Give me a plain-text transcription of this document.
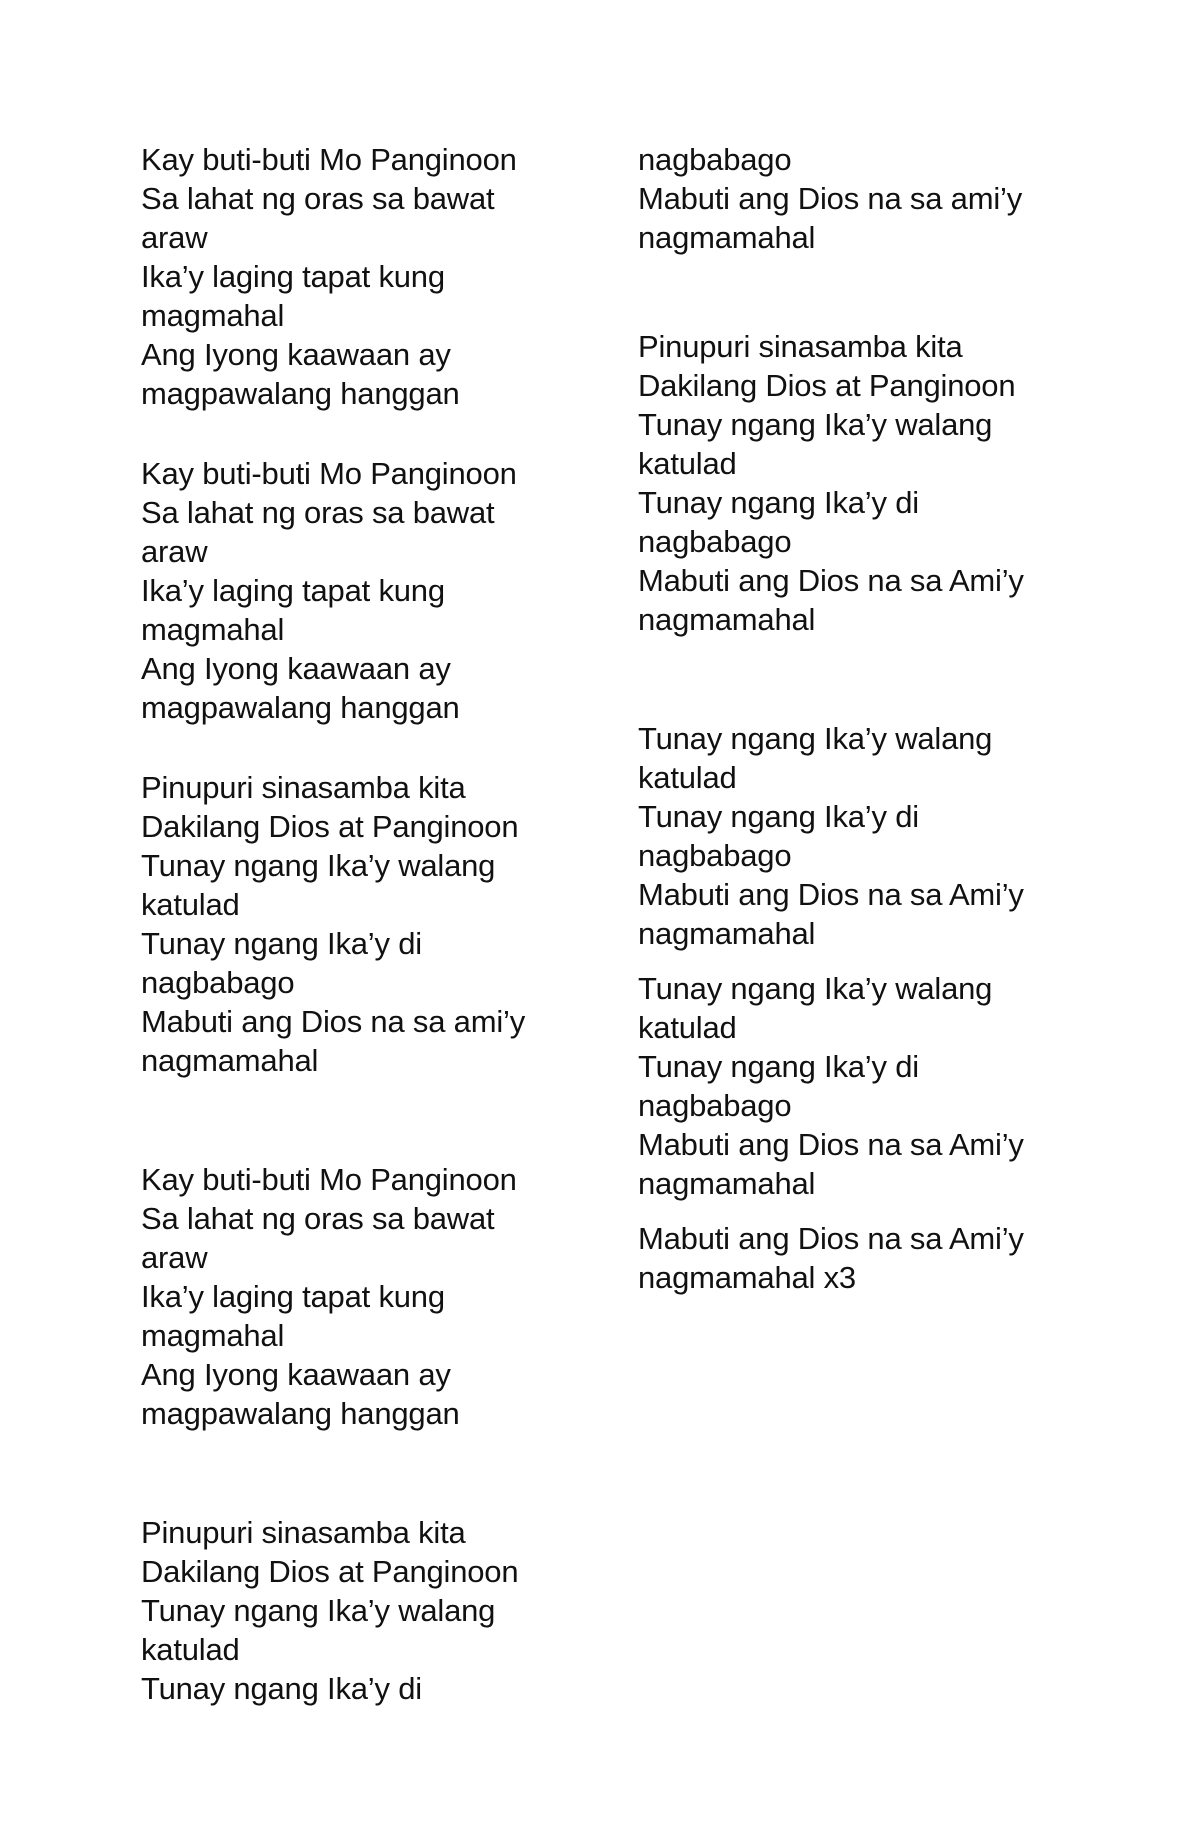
Kay buti-buti Mo Panginoon
Sa lahat ng oras sa bawat
araw
Ika’y laging tapat kung
magmahal
Ang Iyong kaawaan ay
magpawalang hanggan
Kay buti-buti Mo Panginoon
Sa lahat ng oras sa bawat
araw
Ika’y laging tapat kung
magmahal
Ang Iyong kaawaan ay
magpawalang hanggan
Pinupuri sinasamba kita
Dakilang Dios at Panginoon
Tunay ngang Ika’y walang
katulad
Tunay ngang Ika’y di
nagbabago
Mabuti ang Dios na sa ami’y
nagmamahal
Kay buti-buti Mo Panginoon
Sa lahat ng oras sa bawat
araw
Ika’y laging tapat kung
magmahal
Ang Iyong kaawaan ay
magpawalang hanggan
Pinupuri sinasamba kita
Dakilang Dios at Panginoon
Tunay ngang Ika’y walang
katulad
Tunay ngang Ika’y di
nagbabago
Mabuti ang Dios na sa ami’y
nagmamahal
Pinupuri sinasamba kita
Dakilang Dios at Panginoon
Tunay ngang Ika’y walang
katulad
Tunay ngang Ika’y di
nagbabago
Mabuti ang Dios na sa Ami’y
nagmamahal
Tunay ngang Ika’y walang
katulad
Tunay ngang Ika’y di
nagbabago
Mabuti ang Dios na sa Ami’y
nagmamahal
Tunay ngang Ika’y walang
katulad
Tunay ngang Ika’y di
nagbabago
Mabuti ang Dios na sa Ami’y
nagmamahal
Mabuti ang Dios na sa Ami’y
nagmamahal x3
